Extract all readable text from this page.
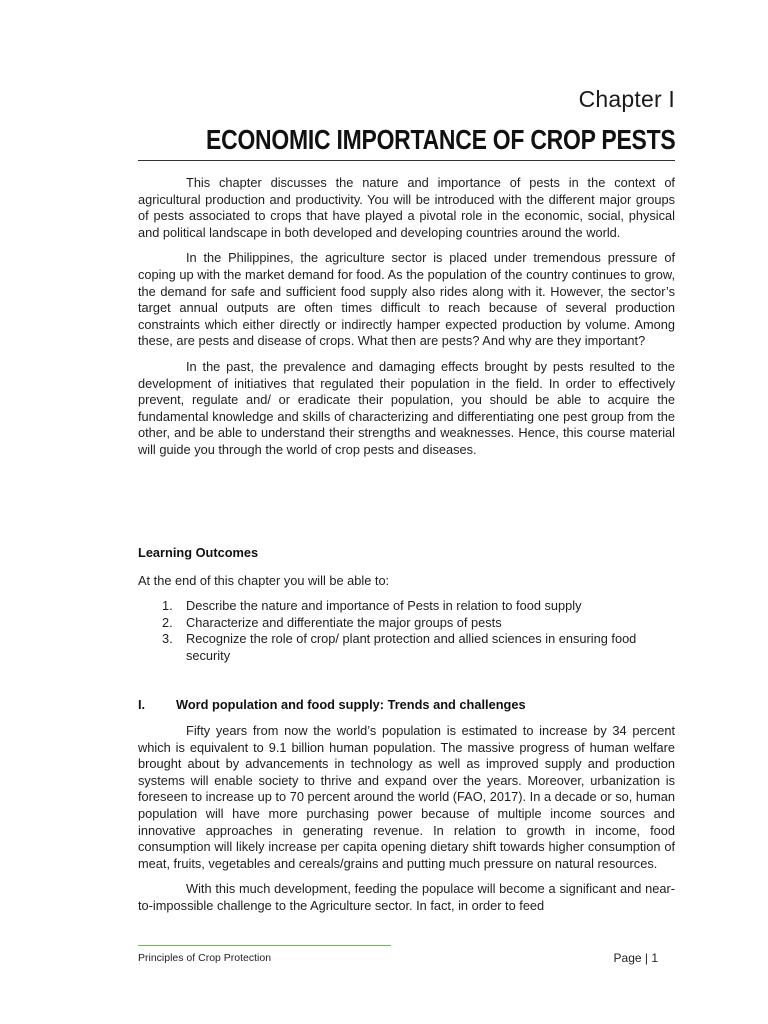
Chapter I
ECONOMIC IMPORTANCE OF CROP PESTS

This chapter discusses the nature and importance of pests in the context of agricultural production and productivity. You will be introduced with the different major groups of pests associated to crops that have played a pivotal role in the economic, social, physical and political landscape in both developed and developing countries around the world.

In the Philippines, the agriculture sector is placed under tremendous pressure of coping up with the market demand for food. As the population of the country continues to grow, the demand for safe and sufficient food supply also rides along with it. However, the sector’s target annual outputs are often times difficult to reach because of several production constraints which either directly or indirectly hamper expected production by volume. Among these, are pests and disease of crops. What then are pests? And why are they important?

In the past, the prevalence and damaging effects brought by pests resulted to the development of initiatives that regulated their population in the field. In order to effectively prevent, regulate and/ or eradicate their population, you should be able to acquire the fundamental knowledge and skills of characterizing and differentiating one pest group from the other, and be able to understand their strengths and weaknesses. Hence, this course material will guide you through the world of crop pests and diseases.

Learning Outcomes
At the end of this chapter you will be able to:
1. Describe the nature and importance of Pests in relation to food supply
2. Characterize and differentiate the major groups of pests
3. Recognize the role of crop/ plant protection and allied sciences in ensuring food security
I. Word population and food supply: Trends and challenges

Fifty years from now the world’s population is estimated to increase by 34 percent which is equivalent to 9.1 billion human population. The massive progress of human welfare brought about by advancements in technology as well as improved supply and production systems will enable society to thrive and expand over the years. Moreover, urbanization is foreseen to increase up to 70 percent around the world (FAO, 2017). In a decade or so, human population will have more purchasing power because of multiple income sources and innovative approaches in generating revenue. In relation to growth in income, food consumption will likely increase per capita opening dietary shift towards higher consumption of meat, fruits, vegetables and cereals/grains and putting much pressure on natural resources.

With this much development, feeding the populace will become a significant and near-to-impossible challenge to the Agriculture sector. In fact, in order to feed

Principles of Crop Protection	Page | 1
